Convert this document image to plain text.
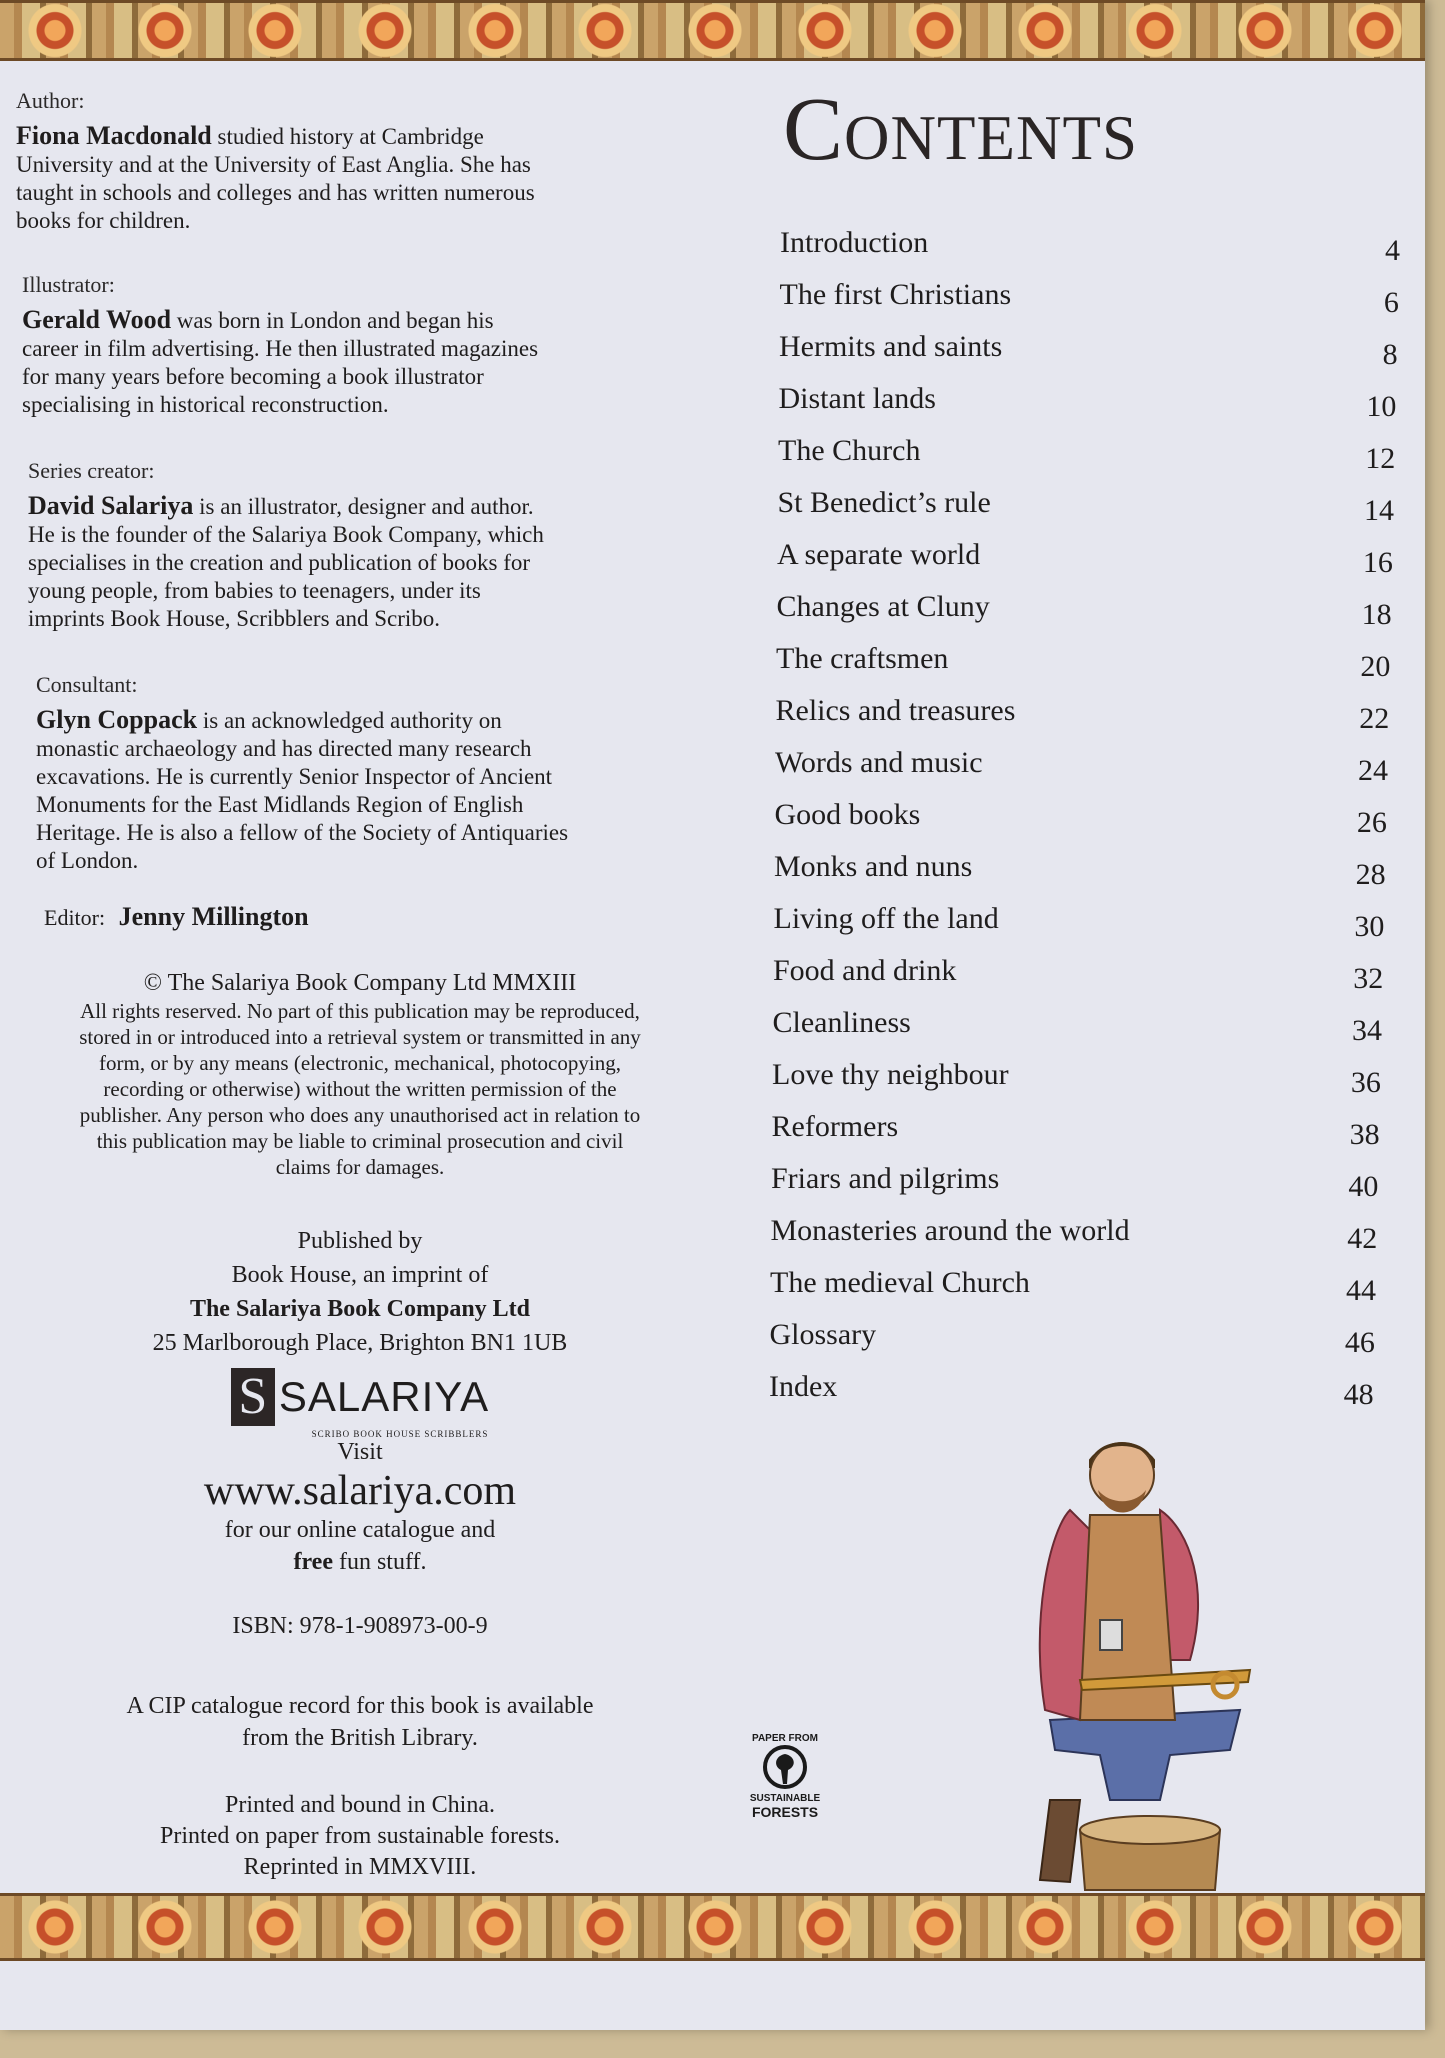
Author:

Fiona Macdonald studied history at Cambridge
University and at the University of East Anglia. She has
taught in schools and colleges and has written numerous
books for children.

Illustrator:

Gerald Wood was born in London and began his
career in film advertising. He then illustrated magazines
for many years before becoming a book illustrator
specialising in historical reconstruction.

Series creator:

David Salariya is an illustrator, designer and author.
He is the founder of the Salariya Book Company, which
specialises in the creation and publication of books for
young people, from babies to teenagers, under its
imprints Book House, Scribblers and Scribo.

Consultant:

Glyn Coppack is an acknowledged authority on
monastic archaeology and has directed many research
excavations. He is currently Senior Inspector of Ancient
Monuments for the East Midlands Region of English
Heritage. He is also a fellow of the Society of Antiquaries
of London.

Editor: Jenny Millington
© The Salariya Book Company Ltd MMXIII
All rights reserved. No part of this publication may be reproduced,
stored in or introduced into a retrieval system or transmitted in any
form, or by any means (electronic, mechanical, photocopying,
recording or otherwise) without the written permission of the
publisher. Any person who does any unauthorised act in relation to
this publication may be liable to criminal prosecution and civil
claims for damages.
Published by
Book House, an imprint of
The Salariya Book Company Ltd
25 Marlborough Place, Brighton BN1 1UB
S SALARIYA
SCRIBO BOOK HOUSE SCRIBBLERS
Visit
www.salariya.com
for our online catalogue and
free fun stuff.
ISBN: 978-1-908973-00-9
A CIP catalogue record for this book is available
from the British Library.
Printed and bound in China.
Printed on paper from sustainable forests.
Reprinted in MMXVIII.
Contents
Introduction	4
The first Christians	6
Hermits and saints	8
Distant lands	10
The Church	12
St Benedict’s rule	14
A separate world	16
Changes at Cluny	18
The craftsmen	20
Relics and treasures	22
Words and music	24
Good books	26
Monks and nuns	28
Living off the land	30
Food and drink	32
Cleanliness	34
Love thy neighbour	36
Reformers	38
Friars and pilgrims	40
Monasteries around the world	42
The medieval Church	44
Glossary	46
Index	48
PAPER FROM
SUSTAINABLE
FORESTS
